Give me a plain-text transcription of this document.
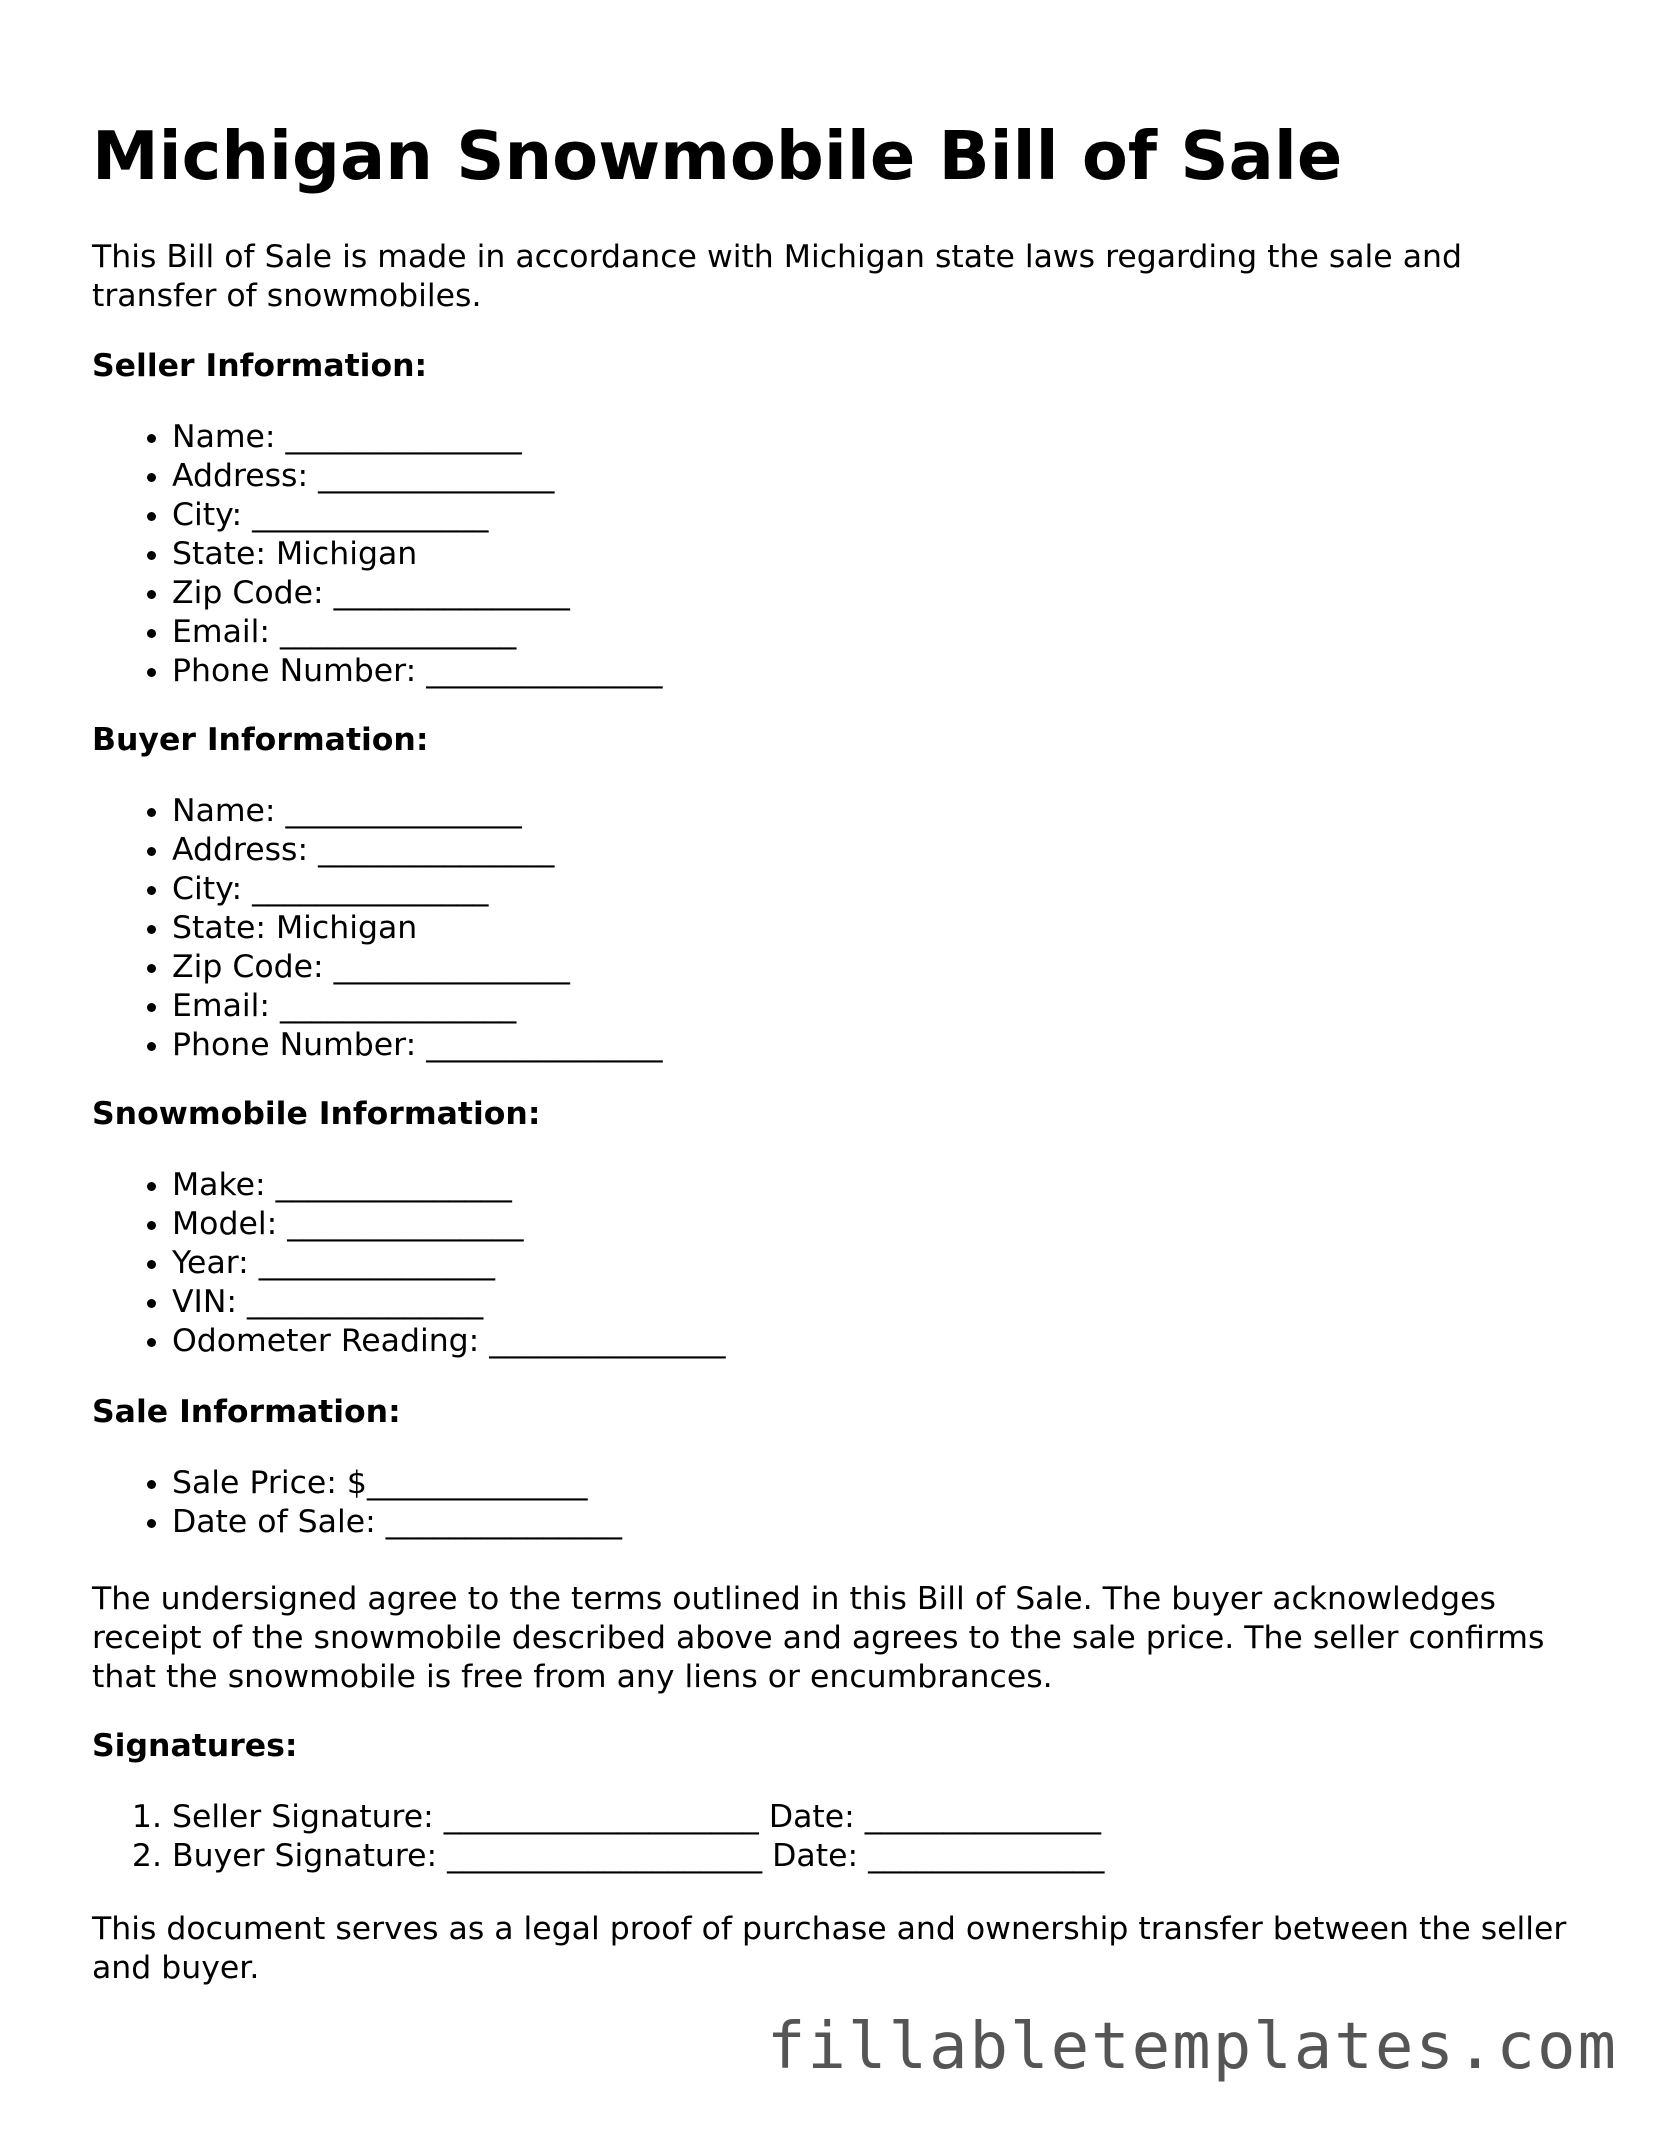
Michigan Snowmobile Bill of Sale

This Bill of Sale is made in accordance with Michigan state laws regarding the sale and transfer of snowmobiles.

Seller Information:
• Name: _______________
• Address: _______________
• City: _______________
• State: Michigan
• Zip Code: _______________
• Email: _______________
• Phone Number: _______________
Buyer Information:
• Name: _______________
• Address: _______________
• City: _______________
• State: Michigan
• Zip Code: _______________
• Email: _______________
• Phone Number: _______________
Snowmobile Information:
• Make: _______________
• Model: _______________
• Year: _______________
• VIN: _______________
• Odometer Reading: _______________
Sale Information:
• Sale Price: $______________
• Date of Sale: _______________

The undersigned agree to the terms outlined in this Bill of Sale. The buyer acknowledges receipt of the snowmobile described above and agrees to the sale price. The seller confirms that the snowmobile is free from any liens or encumbrances.

Signatures:
1. Seller Signature: ____________________ Date: _______________
2. Buyer Signature: ____________________ Date: _______________

This document serves as a legal proof of purchase and ownership transfer between the seller and buyer.

fillabletemplates.com
